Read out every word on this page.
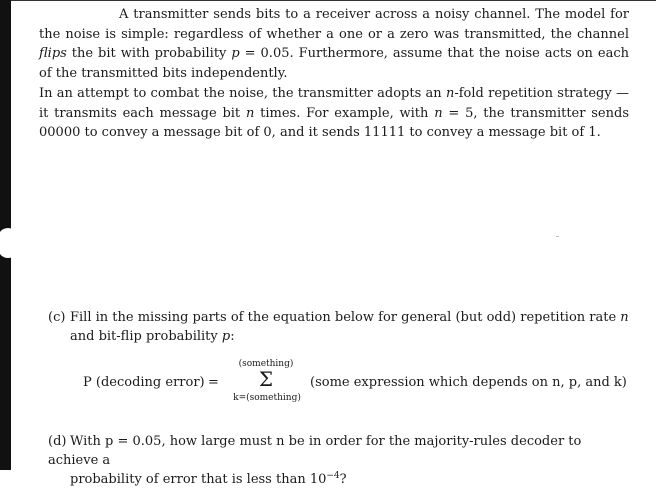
A transmitter sends bits to a receiver across a noisy channel. The model for the noise is simple: regardless of whether a one or a zero was transmitted, the channel flips the bit with probability p = 0.05. Furthermore, assume that the noise acts on each of the transmitted bits independently.

In an attempt to combat the noise, the transmitter adopts an n-fold repetition strategy — it transmits each message bit n times. For example, with n = 5, the transmitter sends 00000 to convey a message bit of 0, and it sends 11111 to convey a message bit of 1.

(c) Fill in the missing parts of the equation below for general (but odd) repetition rate n
and bit-flip probability p:
P (decoding error) =
(something)
Σ
k=(something)
(some expression which depends on n, p, and k)
(d) With p = 0.05, how large must n be in order for the majority-rules decoder to achieve a
probability of error that is less than $10^{-4}$?
